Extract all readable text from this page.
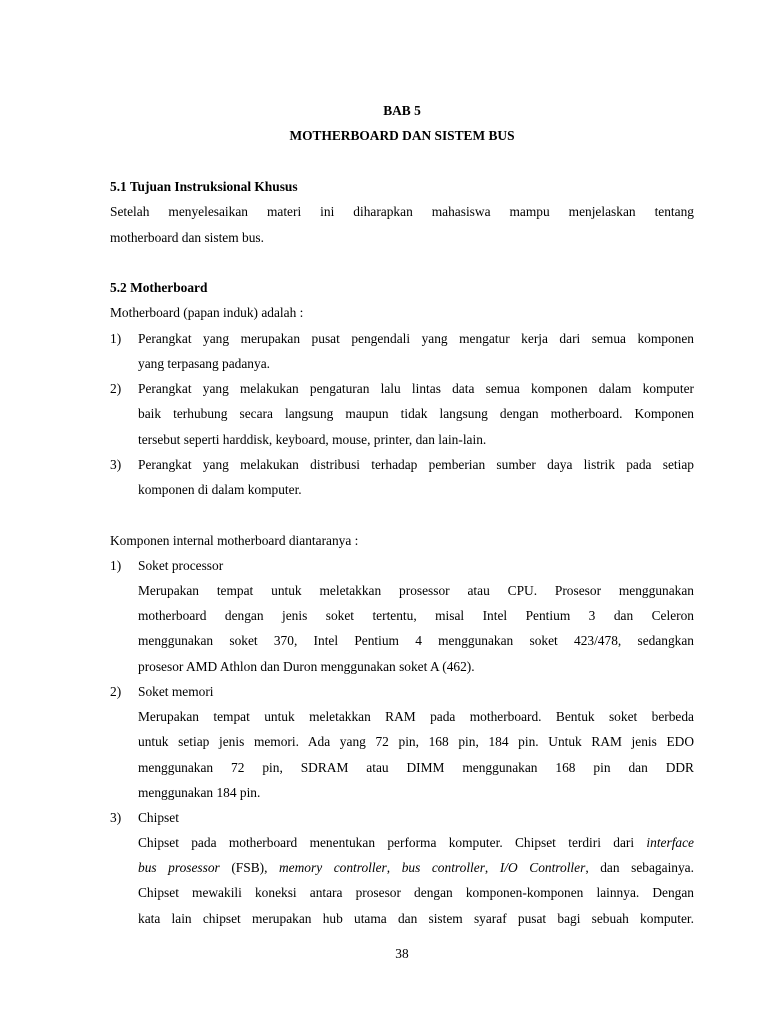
BAB 5
MOTHERBOARD DAN SISTEM BUS
5.1 Tujuan Instruksional Khusus
Setelah menyelesaikan materi ini diharapkan mahasiswa mampu menjelaskan tentang
motherboard dan sistem bus.
5.2 Motherboard
Motherboard (papan induk) adalah :
1) Perangkat yang merupakan pusat pengendali yang mengatur kerja dari semua komponen
yang terpasang padanya.
2) Perangkat yang melakukan pengaturan lalu lintas data semua komponen dalam komputer
baik terhubung secara langsung maupun tidak langsung dengan motherboard. Komponen
tersebut seperti harddisk, keyboard, mouse, printer, dan lain-lain.
3) Perangkat yang melakukan distribusi terhadap pemberian sumber daya listrik pada setiap
komponen di dalam komputer.
Komponen internal motherboard diantaranya :
1) Soket processor
Merupakan tempat untuk meletakkan prosessor atau CPU. Prosesor menggunakan
motherboard dengan jenis soket tertentu, misal Intel Pentium 3 dan Celeron
menggunakan soket 370, Intel Pentium 4 menggunakan soket 423/478, sedangkan
prosesor AMD Athlon dan Duron menggunakan soket A (462).
2) Soket memori
Merupakan tempat untuk meletakkan RAM pada motherboard. Bentuk soket berbeda
untuk setiap jenis memori. Ada yang 72 pin, 168 pin, 184 pin. Untuk RAM jenis EDO
menggunakan 72 pin, SDRAM atau DIMM menggunakan 168 pin dan DDR
menggunakan 184 pin.
3) Chipset
Chipset pada motherboard menentukan performa komputer. Chipset terdiri dari interface
bus prosessor (FSB), memory controller, bus controller, I/O Controller, dan sebagainya.
Chipset mewakili koneksi antara prosesor dengan komponen-komponen lainnya. Dengan
kata lain chipset merupakan hub utama dan sistem syaraf pusat bagi sebuah komputer.
38
